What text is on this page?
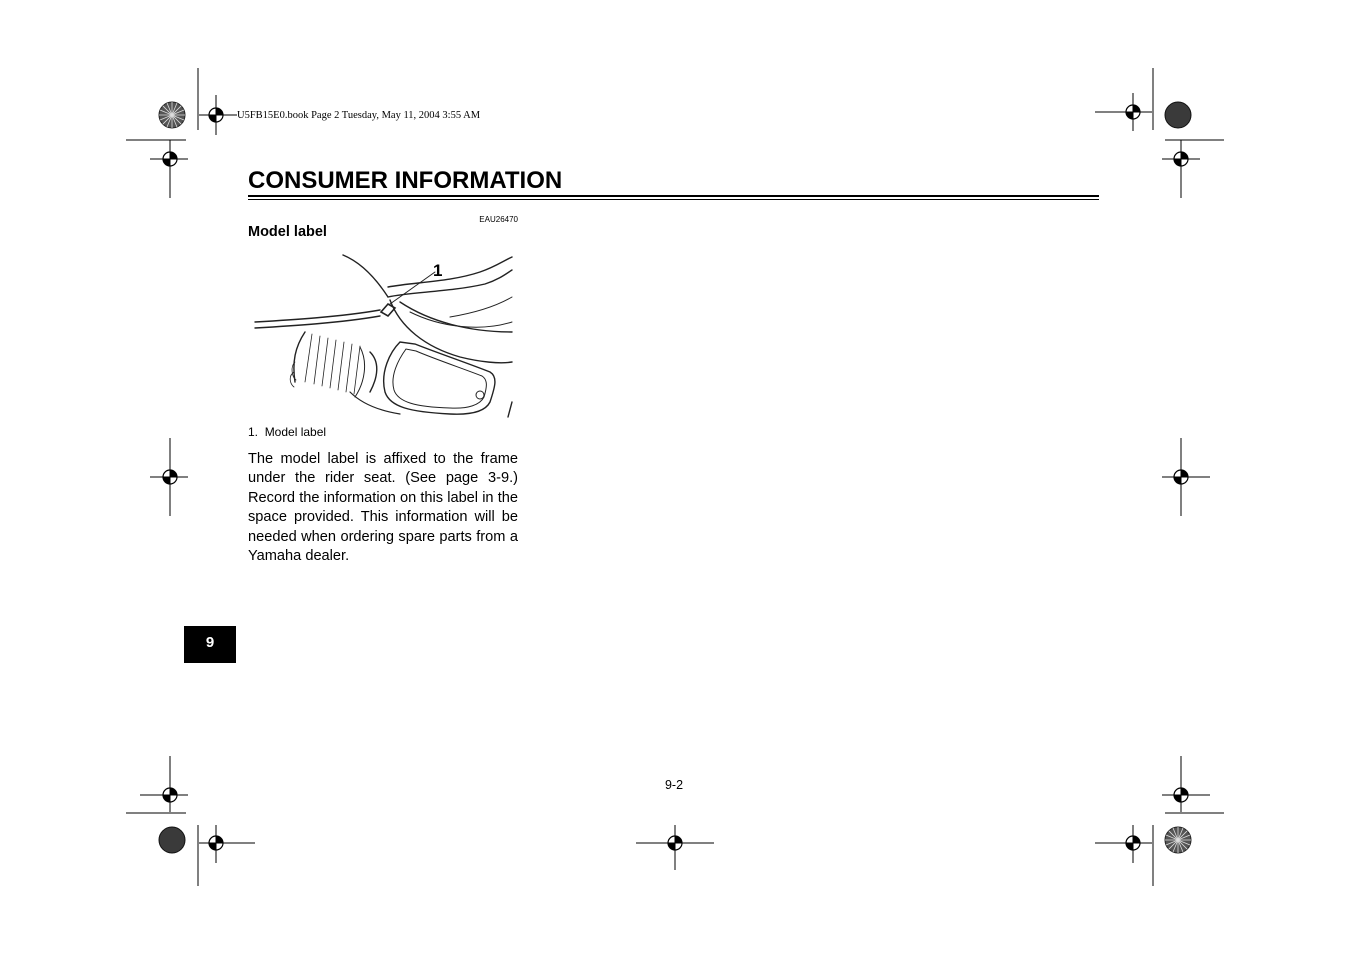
U5FB15E0.book Page 2 Tuesday, May 11, 2004 3:55 AM
CONSUMER INFORMATION
EAU26470
Model label
1
1. Model label

The model label is affixed to the frame under the rider seat. (See page 3-9.) Record the information on this label in the space provided. This information will be needed when ordering spare parts from a Yamaha dealer.

9
9-2
